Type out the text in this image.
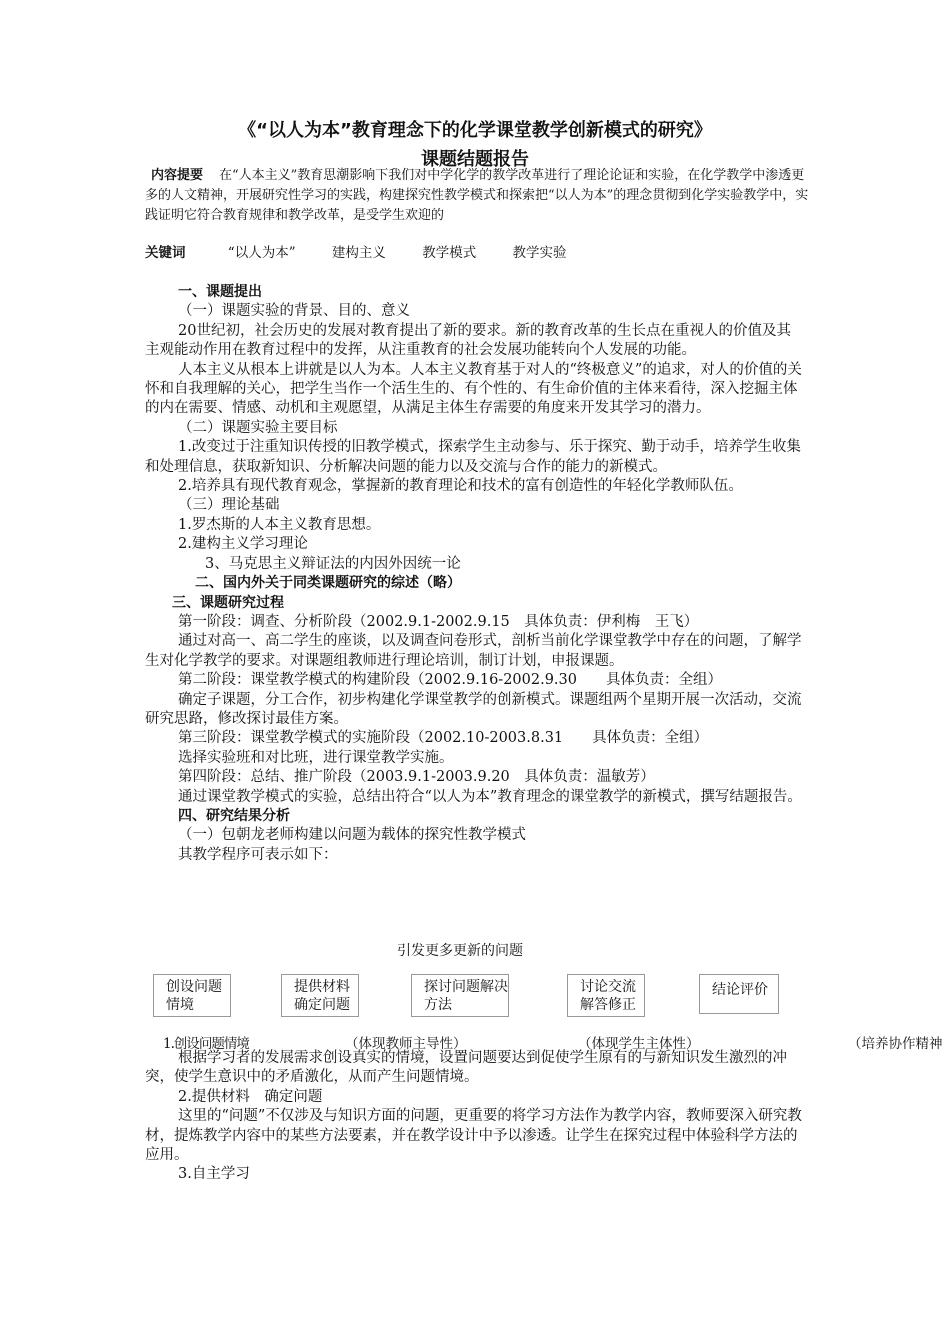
《“以人为本”教育理念下的化学课堂教学创新模式的研究》
课题结题报告
内容提要 在“人本主义”教育思潮影响下我们对中学化学的教学改革进行了理论论证和实验，在化学教学中渗透更多的人文精神，开展研究性学习的实践，构建探究性教学模式和探索把“以人为本”的理念贯彻到化学实验教学中，实践证明它符合教育规律和教学改革，是受学生欢迎的
关键词	“以人为本”	建构主义	教学模式	教学实验

一、课题提出

（一）课题实验的背景、目的、意义

20世纪初，社会历史的发展对教育提出了新的要求。新的教育改革的生长点在重视人的价值及其主观能动作用在教育过程中的发挥，从注重教育的社会发展功能转向个人发展的功能。

人本主义从根本上讲就是以人为本。人本主义教育基于对人的“终极意义”的追求，对人的价值的关怀和自我理解的关心，把学生当作一个活生生的、有个性的、有生命价值的主体来看待，深入挖掘主体的内在需要、情感、动机和主观愿望，从满足主体生存需要的角度来开发其学习的潜力。

（二）课题实验主要目标

1.改变过于注重知识传授的旧教学模式，探索学生主动参与、乐于探究、勤于动手，培养学生收集和处理信息，获取新知识、分析解决问题的能力以及交流与合作的能力的新模式。

2.培养具有现代教育观念，掌握新的教育理论和技术的富有创造性的年轻化学教师队伍。

（三）理论基础

1.罗杰斯的人本主义教育思想。

2.建构主义学习理论

3、马克思主义辩证法的内因外因统一论

二、国内外关于同类课题研究的综述（略）

三、课题研究过程

第一阶段：调查、分析阶段（2002.9.1-2002.9.15　具体负责：伊利梅　王飞）

通过对高一、高二学生的座谈，以及调查问卷形式，剖析当前化学课堂教学中存在的问题，了解学生对化学教学的要求。对课题组教师进行理论培训，制订计划，申报课题。

第二阶段：课堂教学模式的构建阶段（2002.9.16-2002.9.30　　具体负责：全组）

确定子课题，分工合作，初步构建化学课堂教学的创新模式。课题组两个星期开展一次活动，交流研究思路，修改探讨最佳方案。

第三阶段：课堂教学模式的实施阶段（2002.10-2003.8.31　　具体负责：全组）

选择实验班和对比班，进行课堂教学实施。

第四阶段：总结、推广阶段（2003.9.1-2003.9.20　具体负责：温敏芳）

通过课堂教学模式的实验，总结出符合“以人为本”教育理念的课堂教学的新模式，撰写结题报告。

四、研究结果分析

（一）包朝龙老师构建以问题为载体的探究性教学模式

其教学程序可表示如下：

引发更多更新的问题
创设问题
情境
提供材料
确定问题
探讨问题解决
方法
讨论交流
解答修正
结论评价
1.创设问题情境	（体现教师主导性）	（体现学生主体性）	（培养协作精神

根据学习者的发展需求创设真实的情境，设置问题要达到促使学生原有的与新知识发生激烈的冲突，使学生意识中的矛盾激化，从而产生问题情境。

2.提供材料　确定问题

这里的“问题”不仅涉及与知识方面的问题，更重要的将学习方法作为教学内容，教师要深入研究教材，提炼教学内容中的某些方法要素，并在教学设计中予以渗透。让学生在探究过程中体验科学方法的应用。

3.自主学习
